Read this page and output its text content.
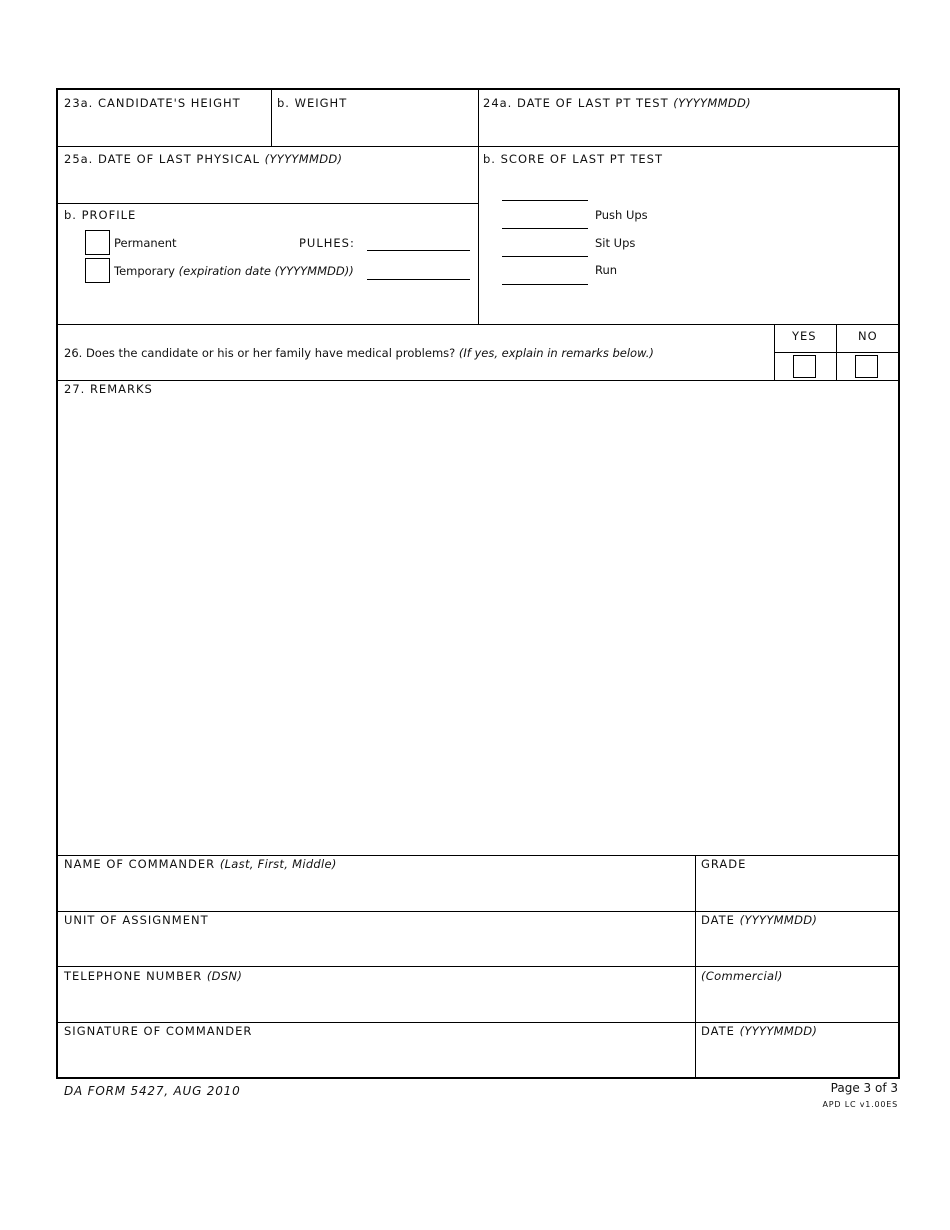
23a. CANDIDATE'S HEIGHT	b. WEIGHT	24a. DATE OF LAST PT TEST (YYYYMMDD)
25a. DATE OF LAST PHYSICAL (YYYYMMDD)	b. SCORE OF LAST PT TEST
Push Ups
Sit Ups
Run
b. PROFILE
Permanent	PULHES:
Temporary (expiration date (YYYYMMDD))
26. Does the candidate or his or her family have medical problems? (If yes, explain in remarks below.)
YES	NO
27. REMARKS
NAME OF COMMANDER (Last, First, Middle)	GRADE
UNIT OF ASSIGNMENT	DATE (YYYYMMDD)
TELEPHONE NUMBER (DSN)	(Commercial)
SIGNATURE OF COMMANDER	DATE (YYYYMMDD)
DA FORM 5427, AUG 2010	Page 3 of 3
APD LC v1.00ES
